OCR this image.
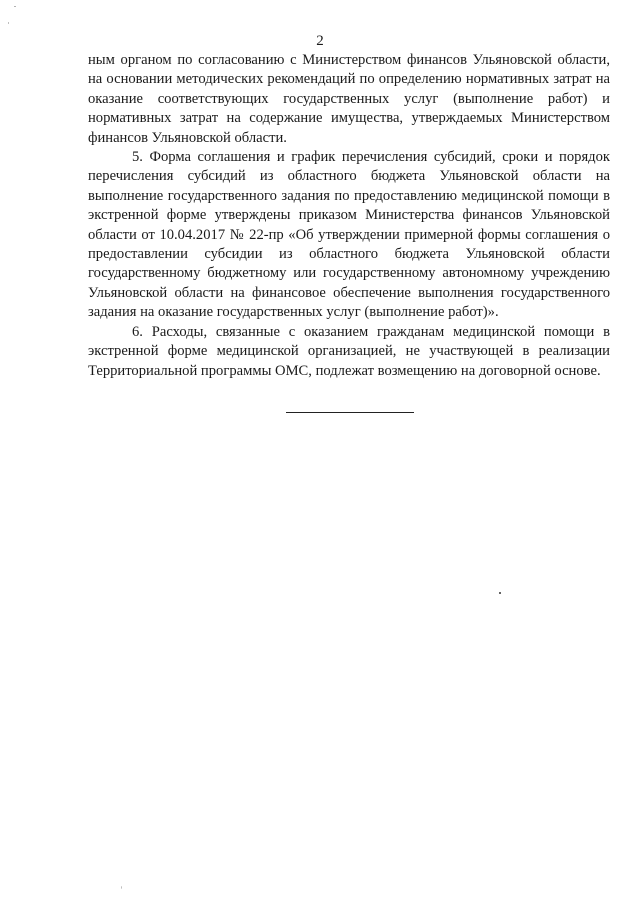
2

ным органом по согласованию с Министерством финансов Ульяновской области, на основании методических рекомендаций по определению нормативных затрат на оказание соответствующих государственных услуг (выполнение работ) и нормативных затрат на содержание имущества, утверждаемых Министерством финансов Ульяновской области.

5. Форма соглашения и график перечисления субсидий, сроки и порядок перечисления субсидий из областного бюджета Ульяновской области на выполнение государственного задания по предоставлению медицинской помощи в экстренной форме утверждены приказом Министерства финансов Ульяновской области от 10.04.2017 № 22-пр «Об утверждении примерной формы соглашения о предоставлении субсидии из областного бюджета Ульяновской области государственному бюджетному или государственному автономному учреждению Ульяновской области на финансовое обеспечение выполнения государственного задания на оказание государственных услуг (выполнение работ)».

6. Расходы, связанные с оказанием гражданам медицинской помощи в экстренной форме медицинской организацией, не участвующей в реализации Территориальной программы ОМС, подлежат возмещению на договорной основе.
